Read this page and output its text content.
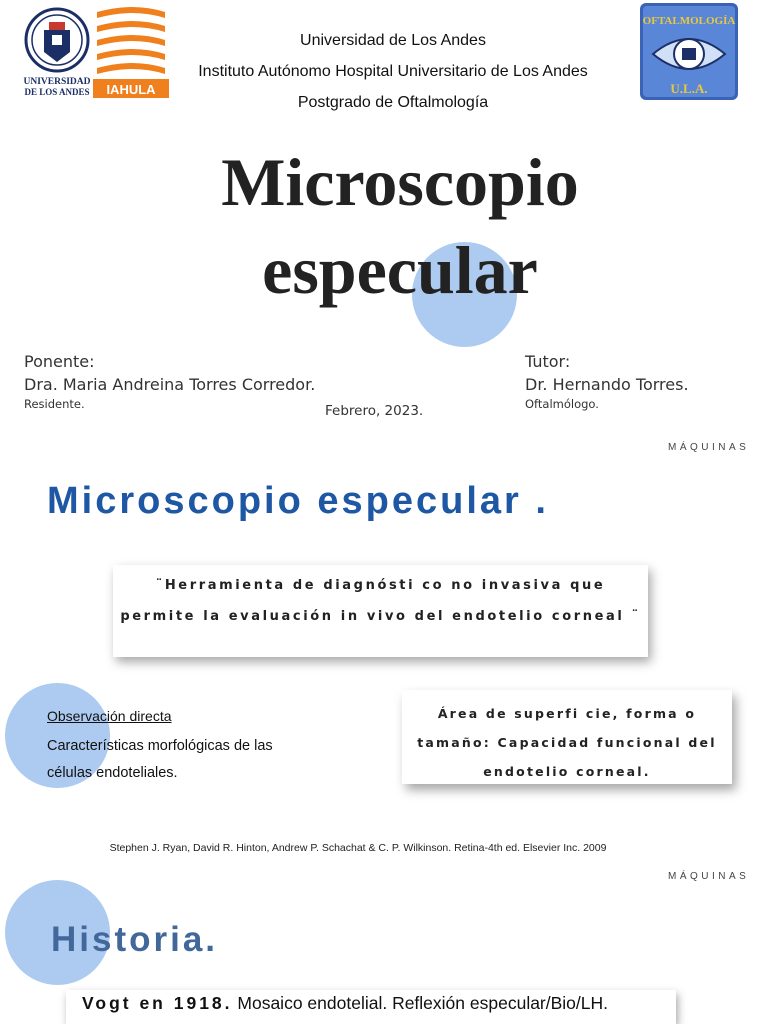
UNIVERSIDAD
DE LOS ANDES IAHULA
OFTALMOLOGÍA
U.L.A.
Universidad de Los Andes
Instituto Autónomo Hospital Universitario de Los Andes
Postgrado de Oftalmología
Microscopio
especular
Ponente:
Dra. Maria Andreina Torres Corredor.
Residente.
Tutor:
Dr. Hernando Torres.
Oftalmólogo.
Febrero, 2023.
MÁQUINAS
Microscopio especular .
¨Herramienta de diagnósti co no invasiva que permite la evaluación in vivo del endotelio corneal ¨
Observación directa
Características morfológicas de las células endoteliales.
Área de superfi cie, forma o tamaño: Capacidad funcional del endotelio corneal.
Stephen J. Ryan, David R. Hinton, Andrew P. Schachat & C. P. Wilkinson. Retina-4th ed. Elsevier Inc. 2009
MÁQUINAS
Historia.
Vogt en 1918. Mosaico endotelial. Reflexión especular/Bio/LH.
